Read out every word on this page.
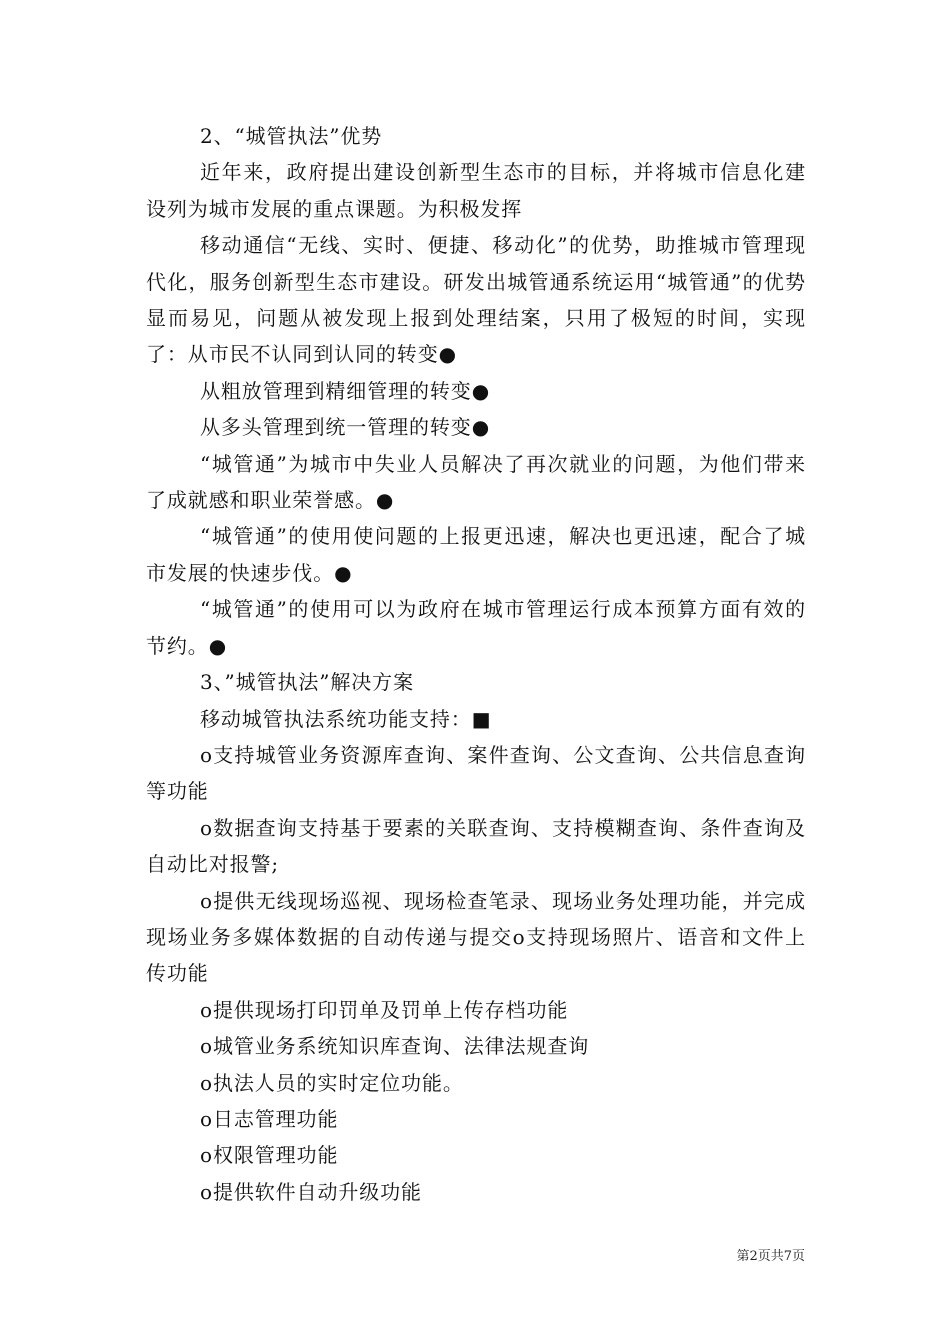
2、“城管执法”优势

近年来，政府提出建设创新型生态市的目标，并将城市信息化建设列为城市发展的重点课题。为积极发挥

移动通信“无线、实时、便捷、移动化”的优势，助推城市管理现代化，服务创新型生态市建设。研发出城管通系统运用“城管通”的优势显而易见，问题从被发现上报到处理结案，只用了极短的时间，实现了：从市民不认同到认同的转变●

从粗放管理到精细管理的转变●

从多头管理到统一管理的转变●

“城管通”为城市中失业人员解决了再次就业的问题，为他们带来了成就感和职业荣誉感。●

“城管通”的使用使问题的上报更迅速，解决也更迅速，配合了城市发展的快速步伐。●

“城管通”的使用可以为政府在城市管理运行成本预算方面有效的节约。●

3、”城管执法”解决方案

移动城管执法系统功能支持：■

o支持城管业务资源库查询、案件查询、公文查询、公共信息查询等功能

o数据查询支持基于要素的关联查询、支持模糊查询、条件查询及自动比对报警;

o提供无线现场巡视、现场检查笔录、现场业务处理功能，并完成现场业务多媒体数据的自动传递与提交o支持现场照片、语音和文件上传功能

o提供现场打印罚单及罚单上传存档功能

o城管业务系统知识库查询、法律法规查询

o执法人员的实时定位功能。

o日志管理功能

o权限管理功能

o提供软件自动升级功能

第2页共7页
